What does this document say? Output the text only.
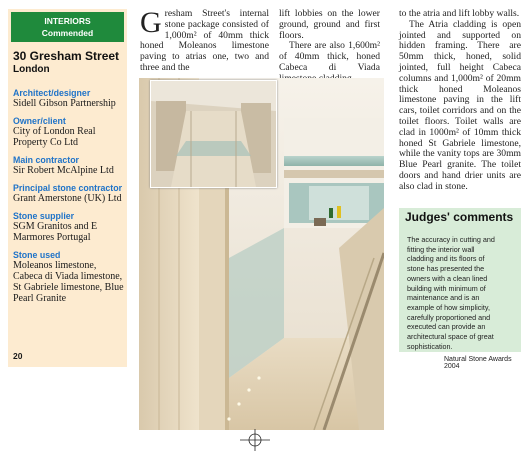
INTERIORS
Commended
30 Gresham Street
London
Architect/designer
Sidell Gibson Partnership
Owner/client
City of London Real Property Co Ltd
Main contractor
Sir Robert McAlpine Ltd
Principal stone contractor
Grant Amerstone (UK) Ltd
Stone supplier
SGM Granitos and E Marmores Portugal
Stone used
Moleanos limestone, Cabeca di Viada limestone, St Gabriele limestone, Blue Pearl Granite
20

Gresham Street's internal stone package consisted of 1,000m² of 40mm thick honed Moleanos limestone paving to atrias one, two and three and the

lift lobbies on the lower ground, ground and first floors.

There are also 1,600m² of 40mm thick, honed Cabeca di Viada

to the atria and lift lobby walls.

The Atria cladding is open jointed and supported on hidden framing. There are 50mm thick, honed, solid jointed, full height Cabeca columns and 1,000m² of 20mm thick honed Moleanos limestone paving in the lift cars, toilet corridors and on the toilet floors. Toilet walls are clad in 1000m² of 10mm thick honed St Gabriele limestone, while the vanity tops are 30mm Blue Pearl granite. The toilet doors and hand drier units are also clad in stone.

Judges' comments
The accuracy in cutting and fitting the interior wall cladding and its floors of stone has presented the owners with a clean lined building with minimum of maintenance and is an example of how simplicity, carefully proportioned and executed can provide an architectural space of great sophistication.
Natural Stone Awards 2004
